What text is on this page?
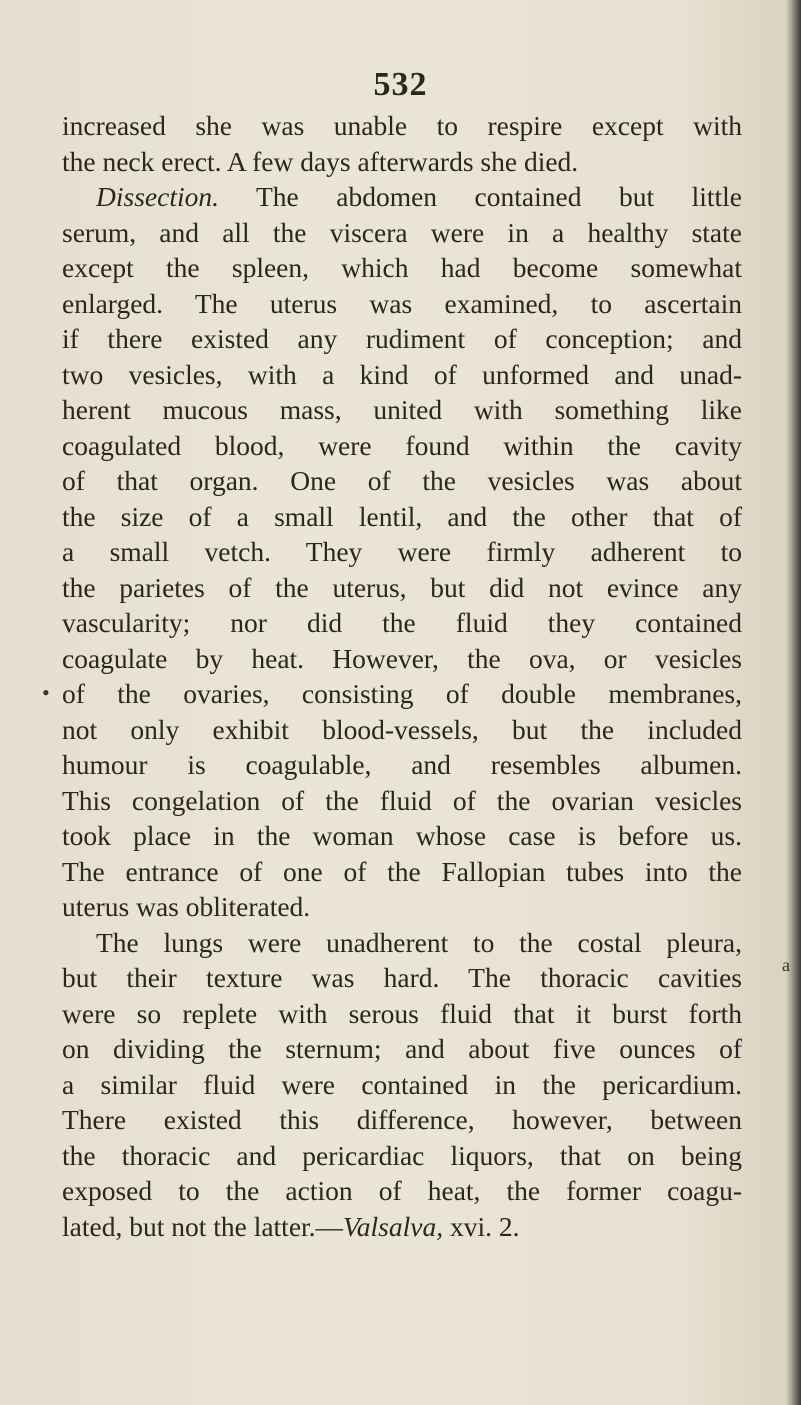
532
increased she was unable to respire except with
the neck erect. A few days afterwards she died.
Dissection. The abdomen contained but little
serum, and all the viscera were in a healthy state
except the spleen, which had become somewhat
enlarged. The uterus was examined, to ascertain
if there existed any rudiment of conception; and
two vesicles, with a kind of unformed and unad-
herent mucous mass, united with something like
coagulated blood, were found within the cavity
of that organ. One of the vesicles was about
the size of a small lentil, and the other that of
a small vetch. They were firmly adherent to
the parietes of the uterus, but did not evince any
vascularity; nor did the fluid they contained
coagulate by heat. However, the ova, or vesicles
of the ovaries, consisting of double membranes,
not only exhibit blood-vessels, but the included
humour is coagulable, and resembles albumen.
This congelation of the fluid of the ovarian vesicles
took place in the woman whose case is before us.
The entrance of one of the Fallopian tubes into the
uterus was obliterated.
The lungs were unadherent to the costal pleura,
but their texture was hard. The thoracic cavities
were so replete with serous fluid that it burst forth
on dividing the sternum; and about five ounces of
a similar fluid were contained in the pericardium.
There existed this difference, however, between
the thoracic and pericardiac liquors, that on being
exposed to the action of heat, the former coagu-
lated, but not the latter.—Valsalva, xvi. 2.
•
a
